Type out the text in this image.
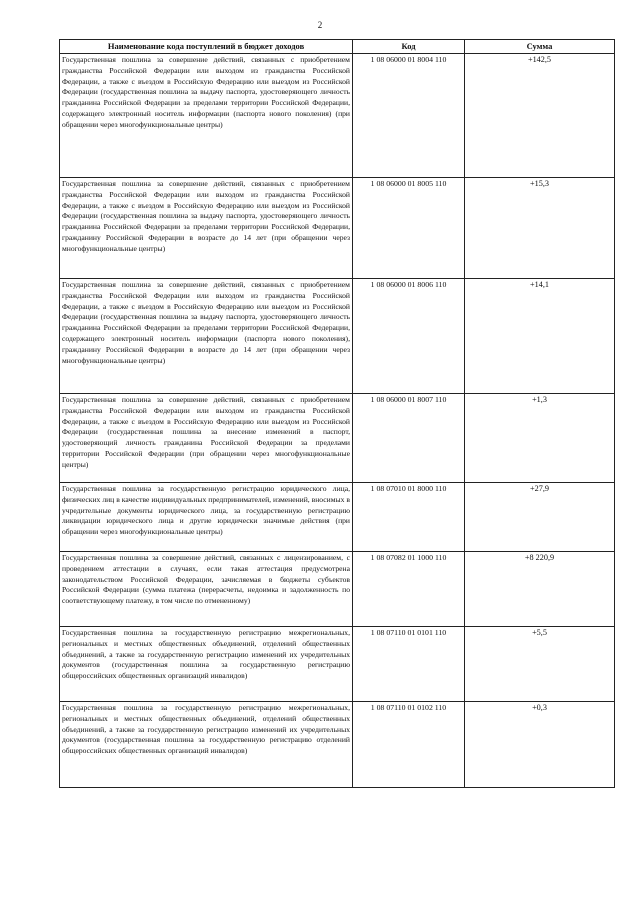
2
Наименование кода поступлений в бюджет доходов	Код	Сумма
Государственная пошлина за совершение действий, связанных с приобретением гражданства Российской Федерации или выходом из гражданства Российской Федерации, а также с въездом в Российскую Федерацию или выездом из Российской Федерации (государственная пошлина за выдачу паспорта, удостоверяющего личность гражданина Российской Федерации за пределами территории Российской Федерации, содержащего электронный носитель информации (паспорта нового поколения) (при обращении через многофункциональные центры)	1 08 06000 01 8004 110	+142,5
Государственная пошлина за совершение действий, связанных с приобретением гражданства Российской Федерации или выходом из гражданства Российской Федерации, а также с въездом в Российскую Федерацию или выездом из Российской Федерации (государственная пошлина за выдачу паспорта, удостоверяющего личность гражданина Российской Федерации за пределами территории Российской Федерации, гражданину Российской Федерации в возрасте до 14 лет (при обращении через многофункциональные центры)	1 08 06000 01 8005 110	+15,3
Государственная пошлина за совершение действий, связанных с приобретением гражданства Российской Федерации или выходом из гражданства Российской Федерации, а также с въездом в Российскую Федерацию или выездом из Российской Федерации (государственная пошлина за выдачу паспорта, удостоверяющего личность гражданина Российской Федерации за пределами территории Российской Федерации, содержащего электронный носитель информации (паспорта нового поколения), гражданину Российской Федерации в возрасте до 14 лет (при обращении через многофункциональные центры)	1 08 06000 01 8006 110	+14,1
Государственная пошлина за совершение действий, связанных с приобретением гражданства Российской Федерации или выходом из гражданства Российской Федерации, а также с въездом в Российскую Федерацию или выездом из Российской Федерации (государственная пошлина за внесение изменений в паспорт, удостоверяющий личность гражданина Российской Федерации за пределами территории Российской Федерации (при обращении через многофункциональные центры)	1 08 06000 01 8007 110	+1,3
Государственная пошлина за государственную регистрацию юридического лица, физических лиц в качестве индивидуальных предпринимателей, изменений, вносимых в учредительные документы юридического лица, за государственную регистрацию ликвидации юридического лица и другие юридически значимые действия (при обращении через многофункциональные центры)	1 08 07010 01 8000 110	+27,9
Государственная пошлина за совершение действий, связанных с лицензированием, с проведением аттестации в случаях, если такая аттестация предусмотрена законодательством Российской Федерации, зачисляемая в бюджеты субъектов Российской Федерации (сумма платежа (перерасчеты, недоимка и задолженность по соответствующему платежу, в том числе по отмененному)	1 08 07082 01 1000 110	+8 220,9
Государственная пошлина за государственную регистрацию межрегиональных, региональных и местных общественных объединений, отделений общественных объединений, а также за государственную регистрацию изменений их учредительных документов (государственная пошлина за государственную регистрацию общероссийских общественных организаций инвалидов)	1 08 07110 01 0101 110	+5,5
Государственная пошлина за государственную регистрацию межрегиональных, региональных и местных общественных объединений, отделений общественных объединений, а также за государственную регистрацию изменений их учредительных документов (государственная пошлина за государственную регистрацию отделений общероссийских общественных организаций инвалидов)	1 08 07110 01 0102 110	+0,3
